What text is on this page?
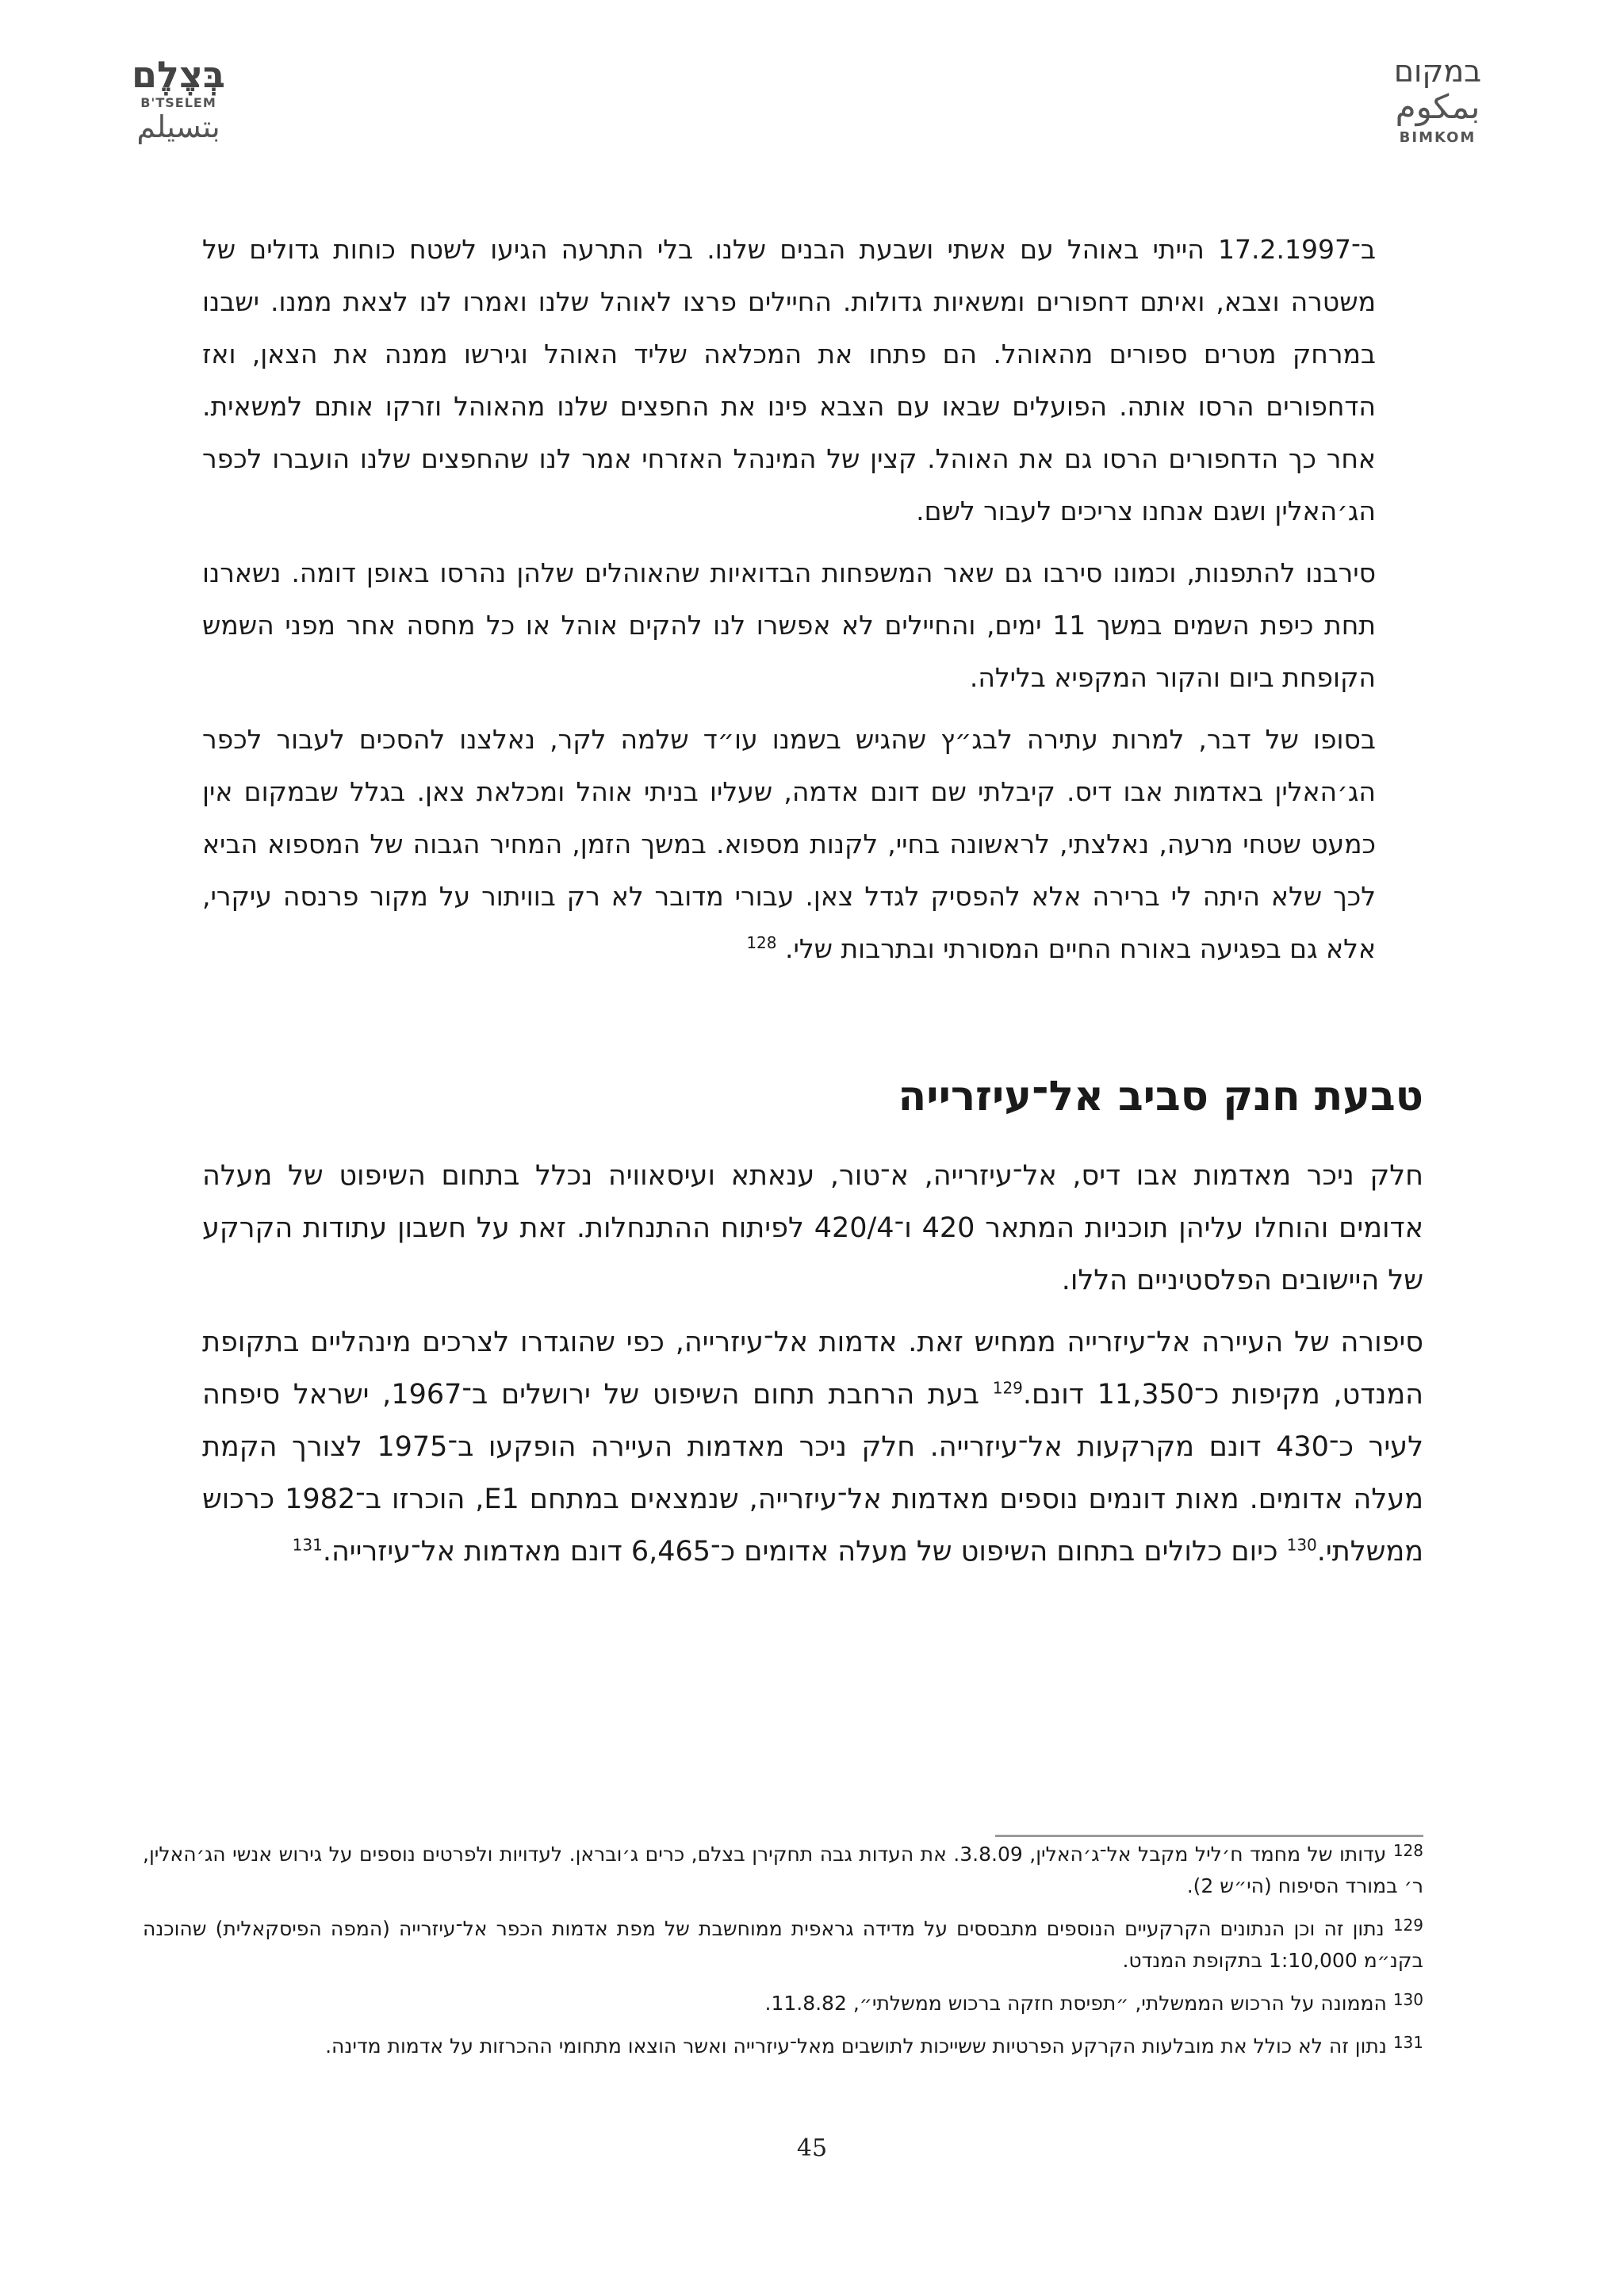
בְּצֶלֶם
B'TSELEM
بتسيلم
במקום
بمكوم
BIMKOM

ב־17.2.1997 הייתי באוהל עם אשתי ושבעת הבנים שלנו. בלי התרעה הגיעו לשטח כוחות גדולים של משטרה וצבא, ואיתם דחפורים ומשאיות גדולות. החיילים פרצו לאוהל שלנו ואמרו לנו לצאת ממנו. ישבנו במרחק מטרים ספורים מהאוהל. הם פתחו את המכלאה שליד האוהל וגירשו ממנה את הצאן, ואז הדחפורים הרסו אותה. הפועלים שבאו עם הצבא פינו את החפצים שלנו מהאוהל וזרקו אותם למשאית. אחר כך הדחפורים הרסו גם את האוהל. קצין של המינהל האזרחי אמר לנו שהחפצים שלנו הועברו לכפר הג׳האלין ושגם אנחנו צריכים לעבור לשם.

סירבנו להתפנות, וכמונו סירבו גם שאר המשפחות הבדואיות שהאוהלים שלהן נהרסו באופן דומה. נשארנו תחת כיפת השמים במשך 11 ימים, והחיילים לא אפשרו לנו להקים אוהל או כל מחסה אחר מפני השמש הקופחת ביום והקור המקפיא בלילה.

בסופו של דבר, למרות עתירה לבג״ץ שהגיש בשמנו עו״ד שלמה לקר, נאלצנו להסכים לעבור לכפר הג׳האלין באדמות אבו דיס. קיבלתי שם דונם אדמה, שעליו בניתי אוהל ומכלאת צאן. בגלל שבמקום אין כמעט שטחי מרעה, נאלצתי, לראשונה בחיי, לקנות מספוא. במשך הזמן, המחיר הגבוה של המספוא הביא לכך שלא היתה לי ברירה אלא להפסיק לגדל צאן. עבורי מדובר לא רק בוויתור על מקור פרנסה עיקרי, אלא גם בפגיעה באורח החיים המסורתי ובתרבות שלי. $^{128}$

טבעת חנק סביב אל־עיזרייה

חלק ניכר מאדמות אבו דיס, אל־עיזרייה, א־טור, ענאתא ועיסאוויה נכלל בתחום השיפוט של מעלה אדומים והוחלו עליהן תוכניות המתאר 420 ו־420/4 לפיתוח ההתנחלות. זאת על חשבון עתודות הקרקע של היישובים הפלסטיניים הללו.

סיפורה של העיירה אל־עיזרייה ממחיש זאת. אדמות אל־עיזרייה, כפי שהוגדרו לצרכים מינהליים בתקופת המנדט, מקיפות כ־11,350 דונם.$^{129}$ בעת הרחבת תחום השיפוט של ירושלים ב־1967, ישראל סיפחה לעיר כ־430 דונם מקרקעות אל־עיזרייה. חלק ניכר מאדמות העיירה הופקעו ב־1975 לצורך הקמת מעלה אדומים. מאות דונמים נוספים מאדמות אל־עיזרייה, שנמצאים במתחם E1, הוכרזו ב־1982 כרכוש ממשלתי.$^{130}$ כיום כלולים בתחום השיפוט של מעלה אדומים כ־6,465 דונם מאדמות אל־עיזרייה.$^{131}$

$^{128}$ עדותו של מחמד ח׳ליל מקבל אל־ג׳האלין, 3.8.09. את העדות גבה תחקירן בצלם, כרים ג׳ובראן. לעדויות ולפרטים נוספים על גירוש אנשי הג׳האלין, ר׳ במורד הסיפוח (הי״ש 2).

$^{129}$ נתון זה וכן הנתונים הקרקעיים הנוספים מתבססים על מדידה גראפית ממוחשבת של מפת אדמות הכפר אל־עיזרייה (המפה הפיסקאלית) שהוכנה בקנ״מ 1:10,000 בתקופת המנדט.

$^{130}$ הממונה על הרכוש הממשלתי, ״תפיסת חזקה ברכוש ממשלתי״, 11.8.82.

$^{131}$ נתון זה לא כולל את מובלעות הקרקע הפרטיות ששייכות לתושבים מאל־עיזרייה ואשר הוצאו מתחומי ההכרזות על אדמות מדינה.

45
